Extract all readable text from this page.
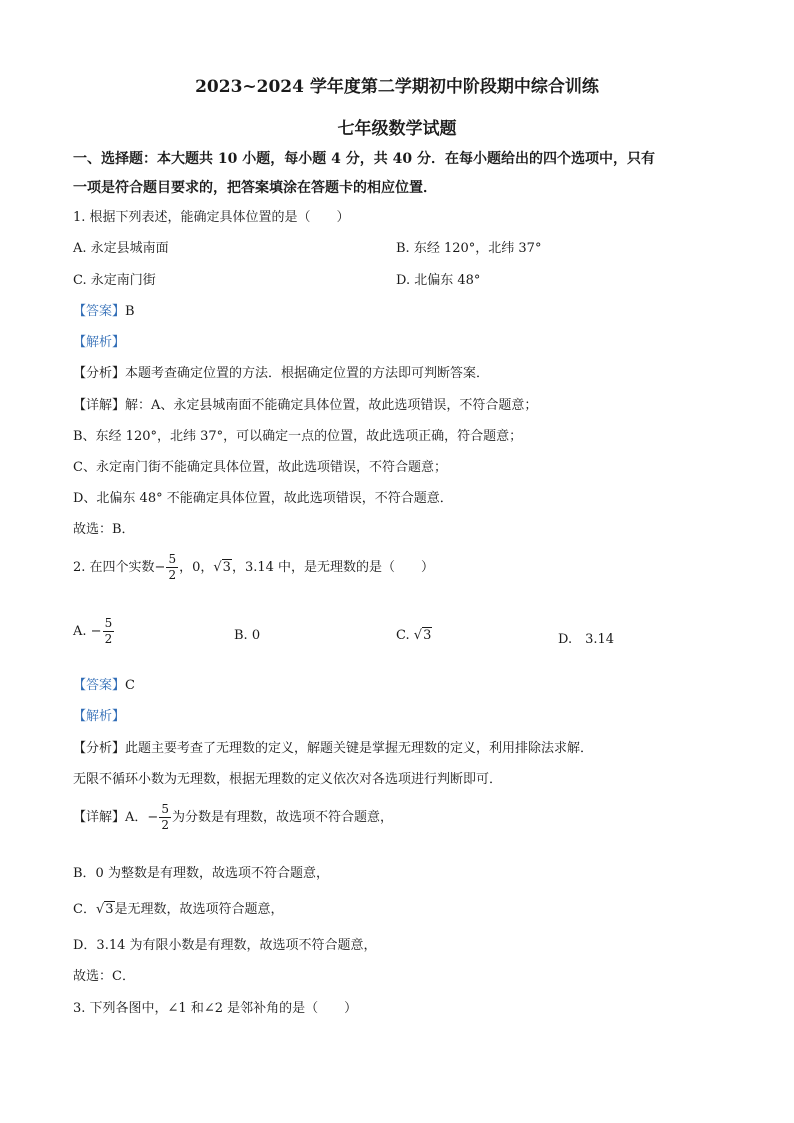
2023~2024 学年度第二学期初中阶段期中综合训练
七年级数学试题
一、选择题：本大题共 10 小题，每小题 4 分，共 40 分．在每小题给出的四个选项中，只有
一项是符合题目要求的，把答案填涂在答题卡的相应位置．
1. 根据下列表述，能确定具体位置的是（　　）
A. 永定县城南面	B. 东经 120°，北纬 37°
C. 永定南门街	D. 北偏东 48°
【答案】B
【解析】
【分析】本题考查确定位置的方法．根据确定位置的方法即可判断答案．
【详解】解：A、永定县城南面不能确定具体位置，故此选项错误，不符合题意；
B、东经 120°，北纬 37°，可以确定一点的位置，故此选项正确，符合题意；
C、永定南门街不能确定具体位置，故此选项错误，不符合题意；
D、北偏东 48° 不能确定具体位置，故此选项错误，不符合题意．
故选：B．
2. 在四个实数− $\frac{5}{2}$ ，0，√3，3.14 中，是无理数的是（　　）
A. − $\frac{5}{2}$	B. 0	C. √3	D.　3.14
【答案】C
【解析】
【分析】此题主要考查了无理数的定义，解题关键是掌握无理数的定义，利用排除法求解．
无限不循环小数为无理数，根据无理数的定义依次对各选项进行判断即可．
【详解】A．− $\frac{5}{2}$ 为分数是有理数，故选项不符合题意，
B．0 为整数是有理数，故选项不符合题意，
C．√3是无理数，故选项符合题意，
D．3.14 为有限小数是有理数，故选项不符合题意，
故选：C．
3. 下列各图中，∠1 和∠2 是邻补角的是（　　）
